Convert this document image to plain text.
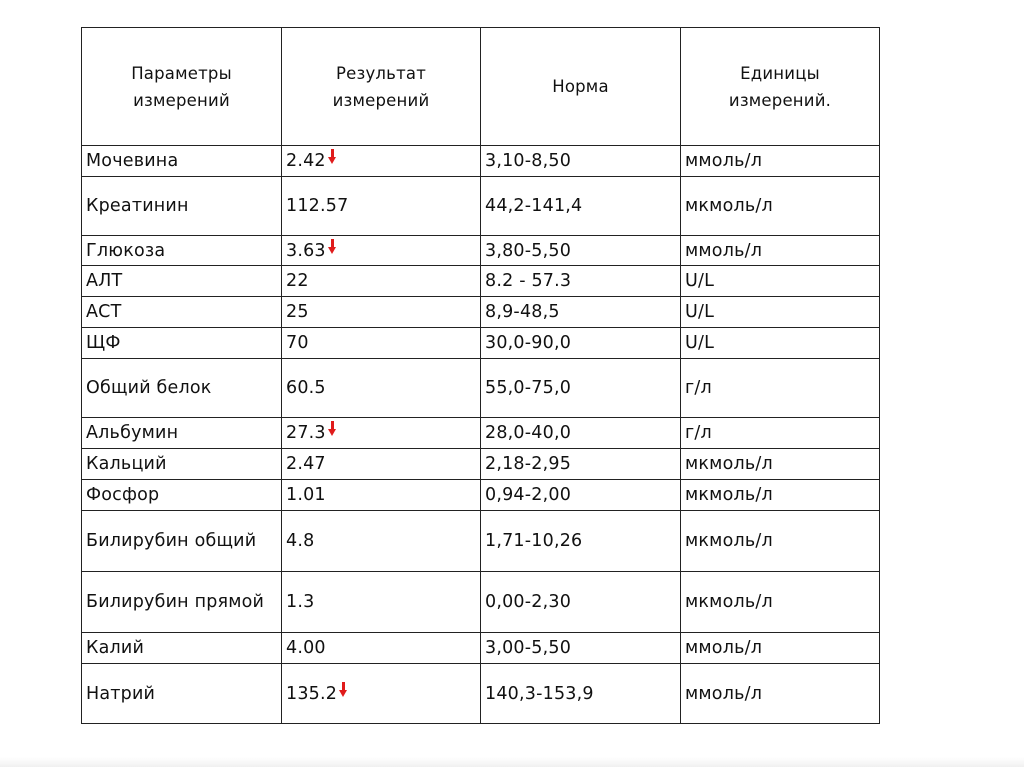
Параметры измерений	Результат измерений	Норма	Единицы измерений.
Мочевина	2.42	3,10-8,50	ммоль/л
Креатинин	112.57	44,2-141,4	мкмоль/л
Глюкоза	3.63	3,80-5,50	ммоль/л
АЛТ	22	8.2 - 57.3	U/L
АСТ	25	8,9-48,5	U/L
ЩФ	70	30,0-90,0	U/L
Общий белок	60.5	55,0-75,0	г/л
Альбумин	27.3	28,0-40,0	г/л
Кальций	2.47	2,18-2,95	мкмоль/л
Фосфор	1.01	0,94-2,00	мкмоль/л
Билирубин общий	4.8	1,71-10,26	мкмоль/л
Билирубин прямой	1.3	0,00-2,30	мкмоль/л
Калий	4.00	3,00-5,50	ммоль/л
Натрий	135.2	140,3-153,9	ммоль/л
